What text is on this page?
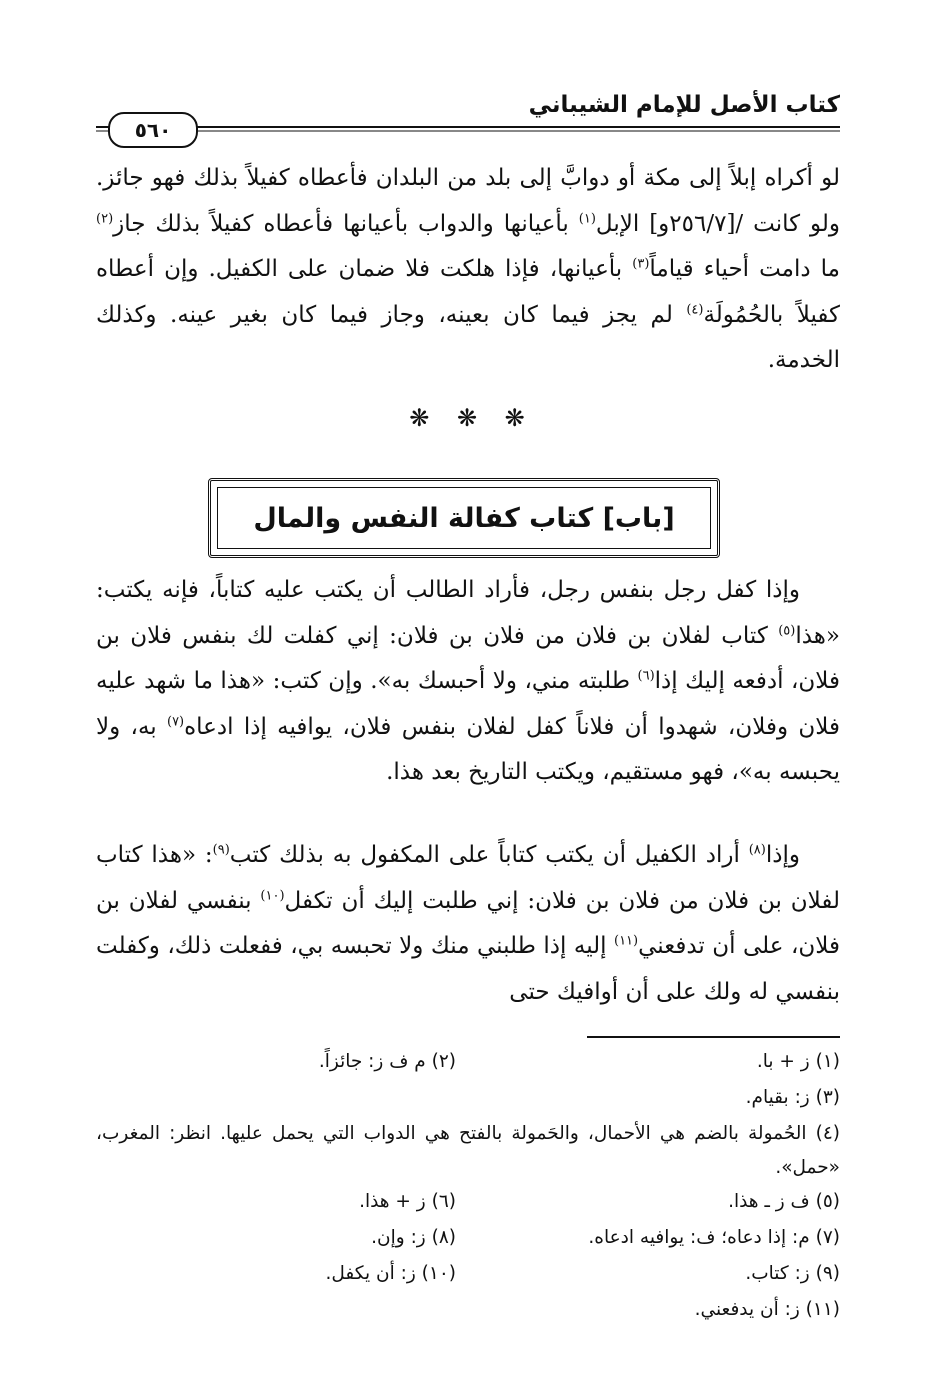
كتاب الأصل للإمام الشيباني
٥٦٠

لو أكراه إبلاً إلى مكة أو دوابَّ إلى بلد من البلدان فأعطاه كفيلاً بذلك فهو جائز. ولو كانت /[٢٥٦/٧و] الإبل$^{(١)}$ بأعيانها والدواب بأعيانها فأعطاه كفيلاً بذلك جاز$^{(٢)}$ ما دامت أحياء قياماً$^{(٣)}$ بأعيانها، فإذا هلكت فلا ضمان على الكفيل. وإن أعطاه كفيلاً بالحُمُولَة$^{(٤)}$ لم يجز فيما كان بعينه، وجاز فيما كان بغير عينه. وكذلك الخدمة.

❋ ❋ ❋
[باب] كتاب كفالة النفس والمال

وإذا كفل رجل بنفس رجل، فأراد الطالب أن يكتب عليه كتاباً، فإنه يكتب: «هذا$^{(٥)}$ كتاب لفلان بن فلان من فلان بن فلان: إني كفلت لك بنفس فلان بن فلان، أدفعه إليك إذا$^{(٦)}$ طلبته مني، ولا أحبسك به». وإن كتب: «هذا ما شهد عليه فلان وفلان، شهدوا أن فلاناً كفل لفلان بنفس فلان، يوافيه إذا ادعاه$^{(٧)}$ به، ولا يحبسه به»، فهو مستقيم، ويكتب التاريخ بعد هذا.

وإذا$^{(٨)}$ أراد الكفيل أن يكتب كتاباً على المكفول به بذلك كتب$^{(٩)}$: «هذا كتاب لفلان بن فلان من فلان بن فلان: إني طلبت إليك أن تكفل$^{(١٠)}$ بنفسي لفلان بن فلان، على أن تدفعني$^{(١١)}$ إليه إذا طلبني منك ولا تحبسه بي، ففعلت ذلك، وكفلت بنفسي له ولك على أن أوافيك حتى

(١) ز + با.
(٢) م ف ز: جائزاً.
(٣) ز: بقيام.
(٤) الحُمولة بالضم هي الأحمال، والحَمولة بالفتح هي الدواب التي يحمل عليها. انظر: المغرب، «حمل».
(٥) ف ز ـ هذا.
(٦) ز + هذا.
(٧) م: إذا دعاه؛ ف: يوافيه ادعاه.
(٨) ز: وإن.
(٩) ز: كتاب.
(١٠) ز: أن يكفل.
(١١) ز: أن يدفعني.
